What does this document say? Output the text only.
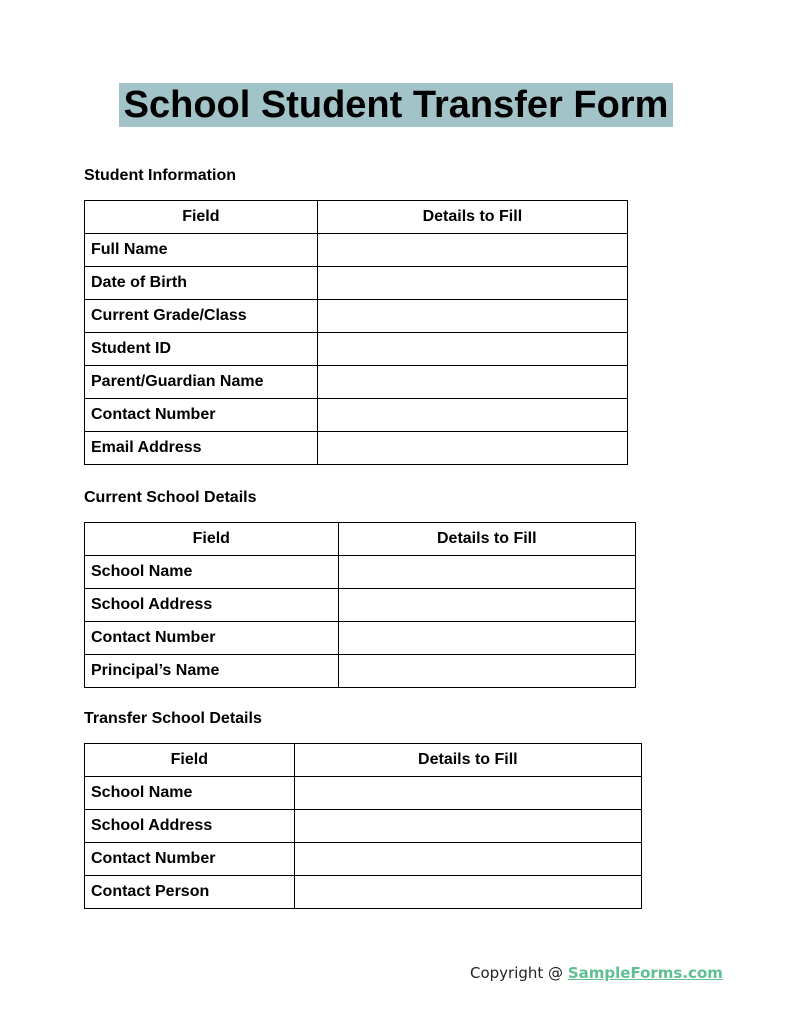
School Student Transfer Form
Student Information
Field	Details to Fill
Full Name	
Date of Birth	
Current Grade/Class	
Student ID	
Parent/Guardian Name	
Contact Number	
Email Address	
Current School Details
Field	Details to Fill
School Name	
School Address	
Contact Number	
Principal’s Name	
Transfer School Details
Field	Details to Fill
School Name	
School Address	
Contact Number	
Contact Person	
Copyright @ SampleForms.com
